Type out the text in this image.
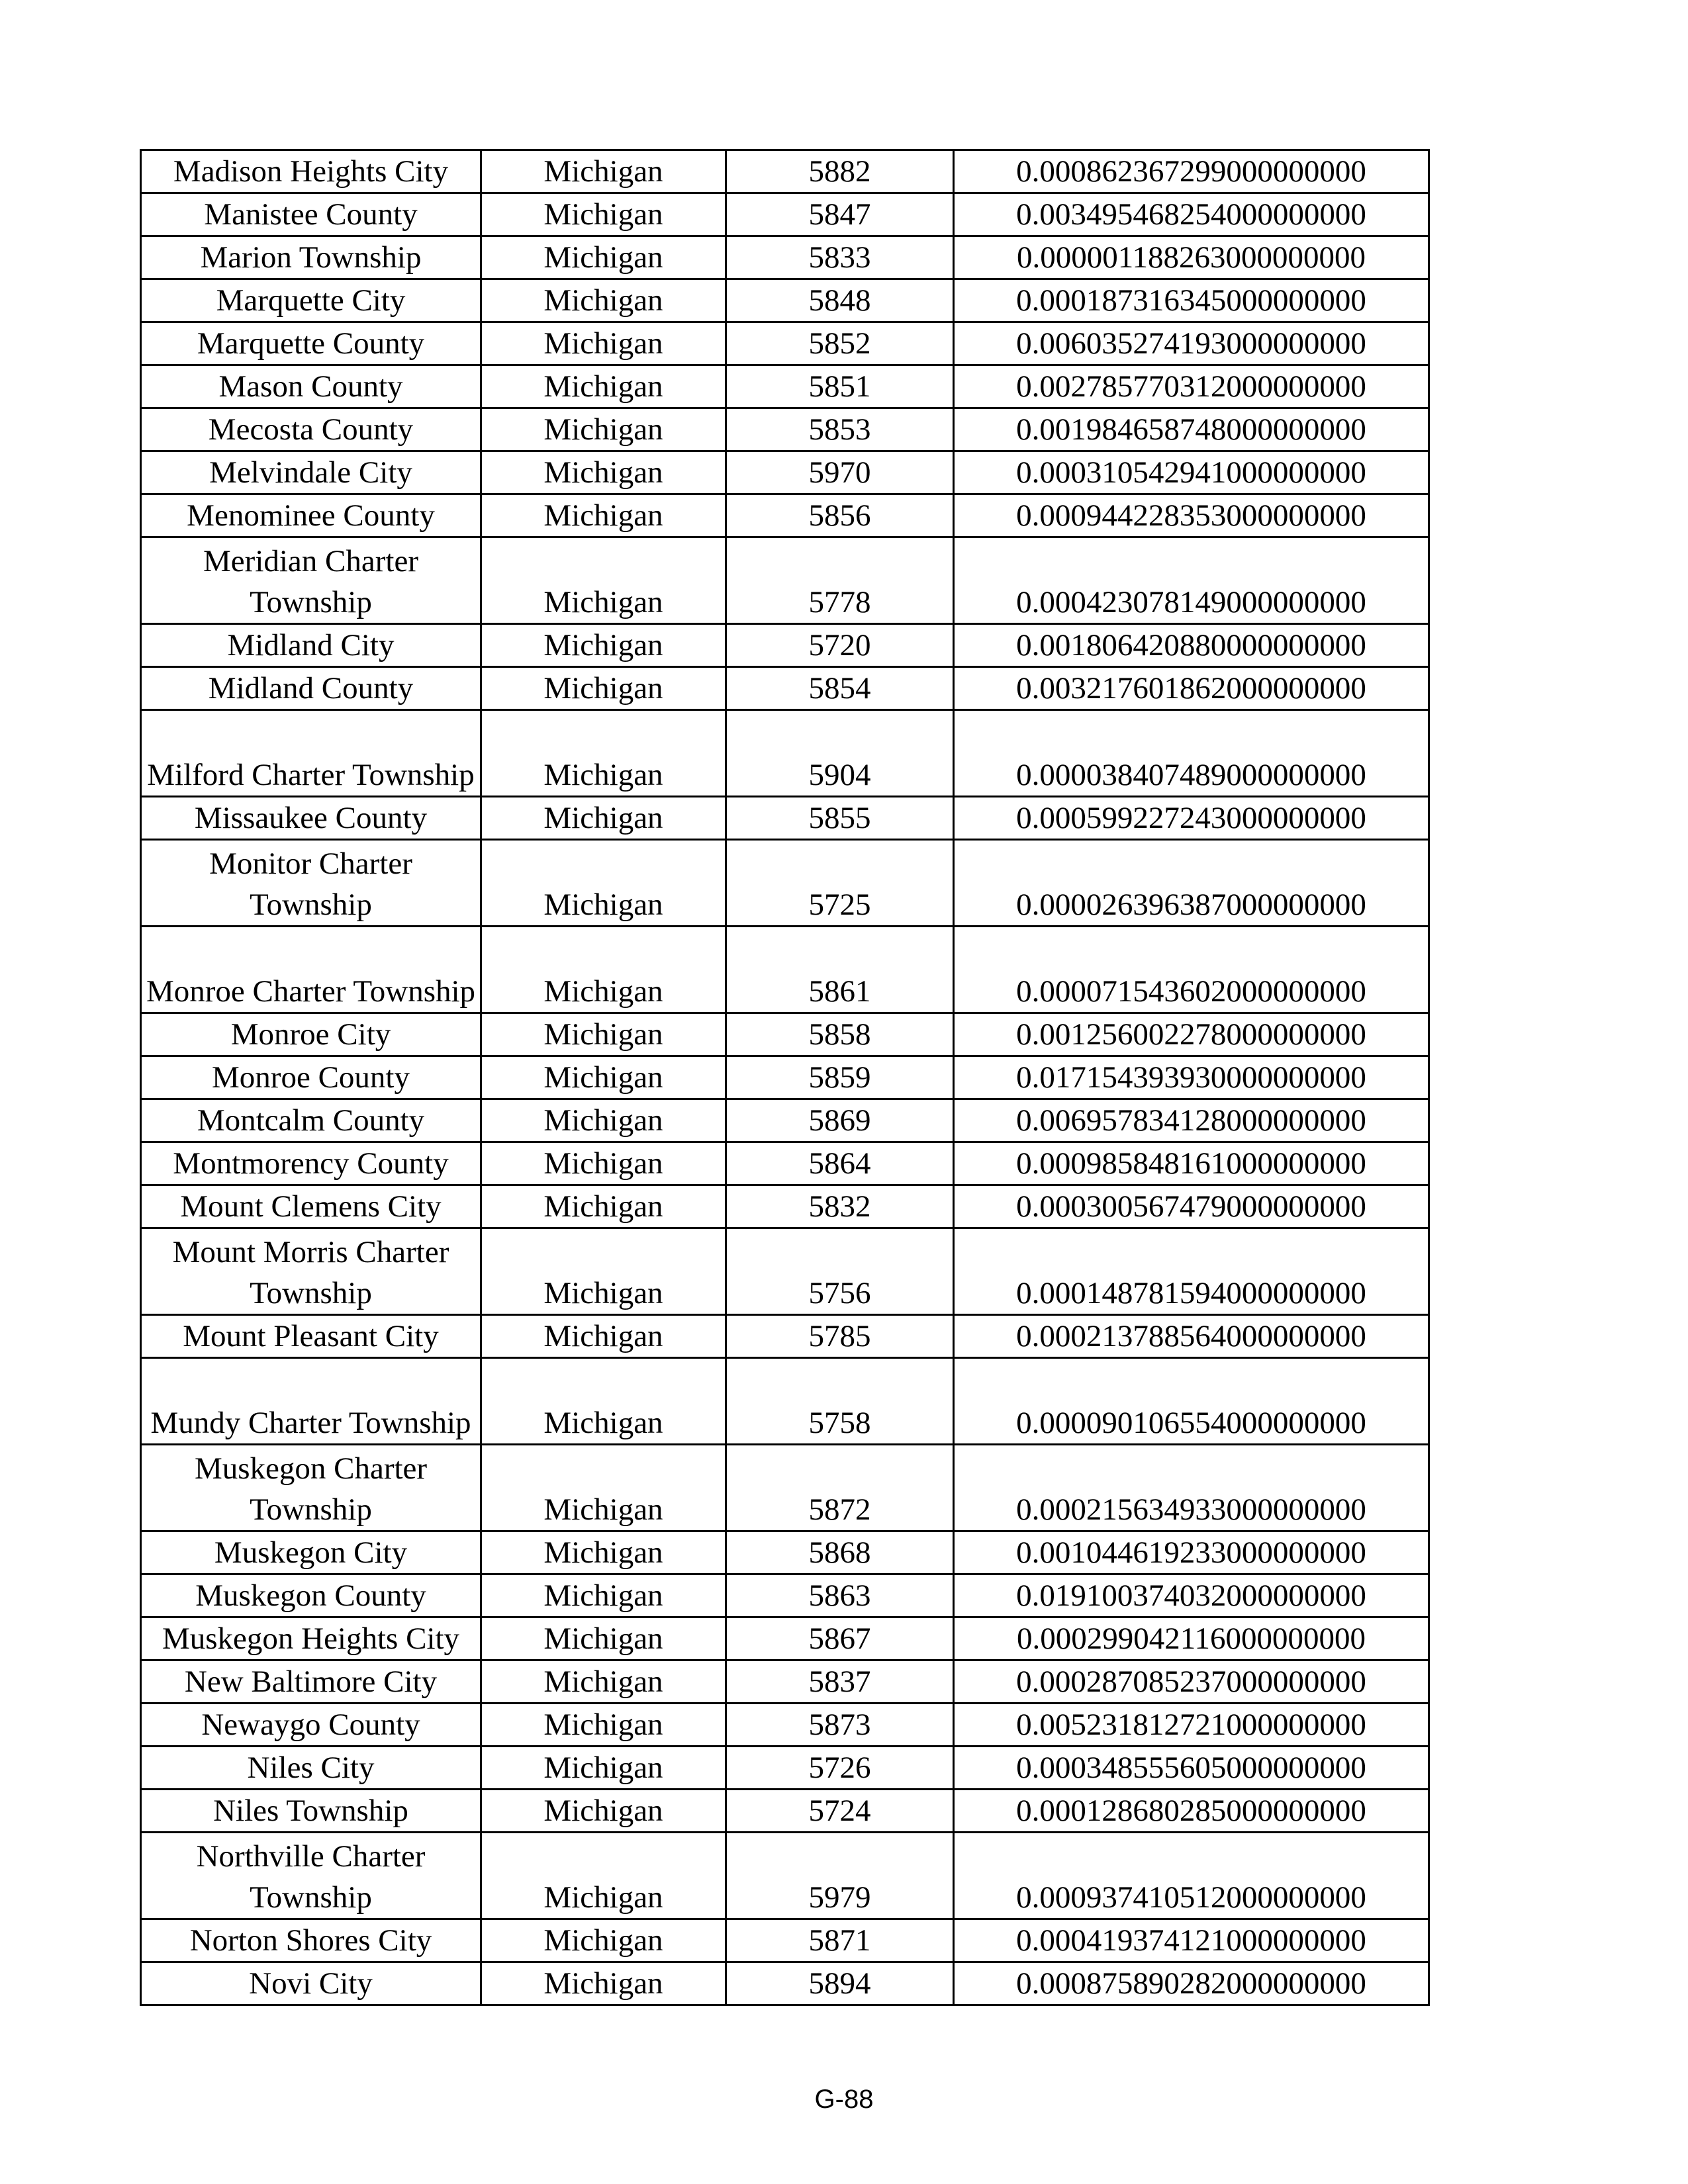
Madison Heights City	Michigan	5882	0.000862367299000000000
Manistee County	Michigan	5847	0.003495468254000000000
Marion Township	Michigan	5833	0.000001188263000000000
Marquette City	Michigan	5848	0.000187316345000000000
Marquette County	Michigan	5852	0.006035274193000000000
Mason County	Michigan	5851	0.002785770312000000000
Mecosta County	Michigan	5853	0.001984658748000000000
Melvindale City	Michigan	5970	0.000310542941000000000
Menominee County	Michigan	5856	0.000944228353000000000
Meridian Charter Township	Michigan	5778	0.000423078149000000000
Midland City	Michigan	5720	0.001806420880000000000
Midland County	Michigan	5854	0.003217601862000000000
Milford Charter Township	Michigan	5904	0.000038407489000000000
Missaukee County	Michigan	5855	0.000599227243000000000
Monitor Charter Township	Michigan	5725	0.000026396387000000000
Monroe Charter Township	Michigan	5861	0.000071543602000000000
Monroe City	Michigan	5858	0.001256002278000000000
Monroe County	Michigan	5859	0.017154393930000000000
Montcalm County	Michigan	5869	0.006957834128000000000
Montmorency County	Michigan	5864	0.000985848161000000000
Mount Clemens City	Michigan	5832	0.000300567479000000000
Mount Morris Charter Township	Michigan	5756	0.000148781594000000000
Mount Pleasant City	Michigan	5785	0.000213788564000000000
Mundy Charter Township	Michigan	5758	0.000090106554000000000
Muskegon Charter Township	Michigan	5872	0.000215634933000000000
Muskegon City	Michigan	5868	0.001044619233000000000
Muskegon County	Michigan	5863	0.019100374032000000000
Muskegon Heights City	Michigan	5867	0.000299042116000000000
New Baltimore City	Michigan	5837	0.000287085237000000000
Newaygo County	Michigan	5873	0.005231812721000000000
Niles City	Michigan	5726	0.000348555605000000000
Niles Township	Michigan	5724	0.000128680285000000000
Northville Charter Township	Michigan	5979	0.000937410512000000000
Norton Shores City	Michigan	5871	0.000419374121000000000
Novi City	Michigan	5894	0.000875890282000000000
G-88
